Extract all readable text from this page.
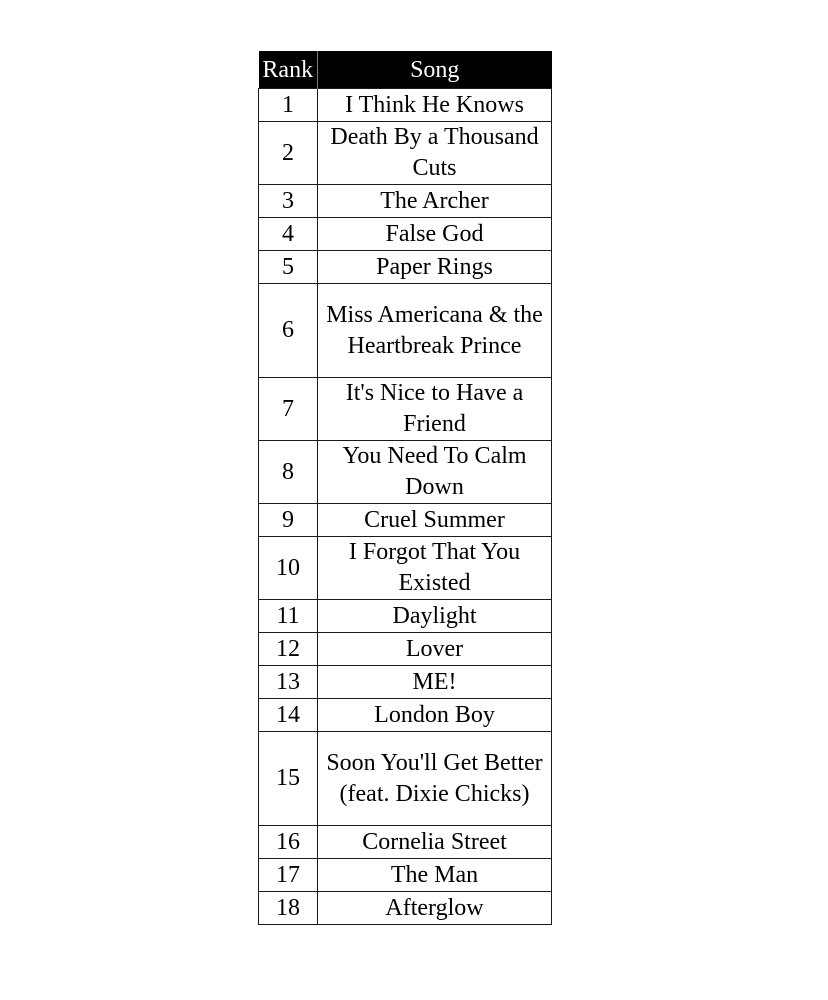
Rank	Song
1	I Think He Knows
2	Death By a Thousand Cuts
3	The Archer
4	False God
5	Paper Rings
6	Miss Americana & the Heartbreak Prince
7	It's Nice to Have a Friend
8	You Need To Calm Down
9	Cruel Summer
10	I Forgot That You Existed
11	Daylight
12	Lover
13	ME!
14	London Boy
15	Soon You'll Get Better (feat. Dixie Chicks)
16	Cornelia Street
17	The Man
18	Afterglow
